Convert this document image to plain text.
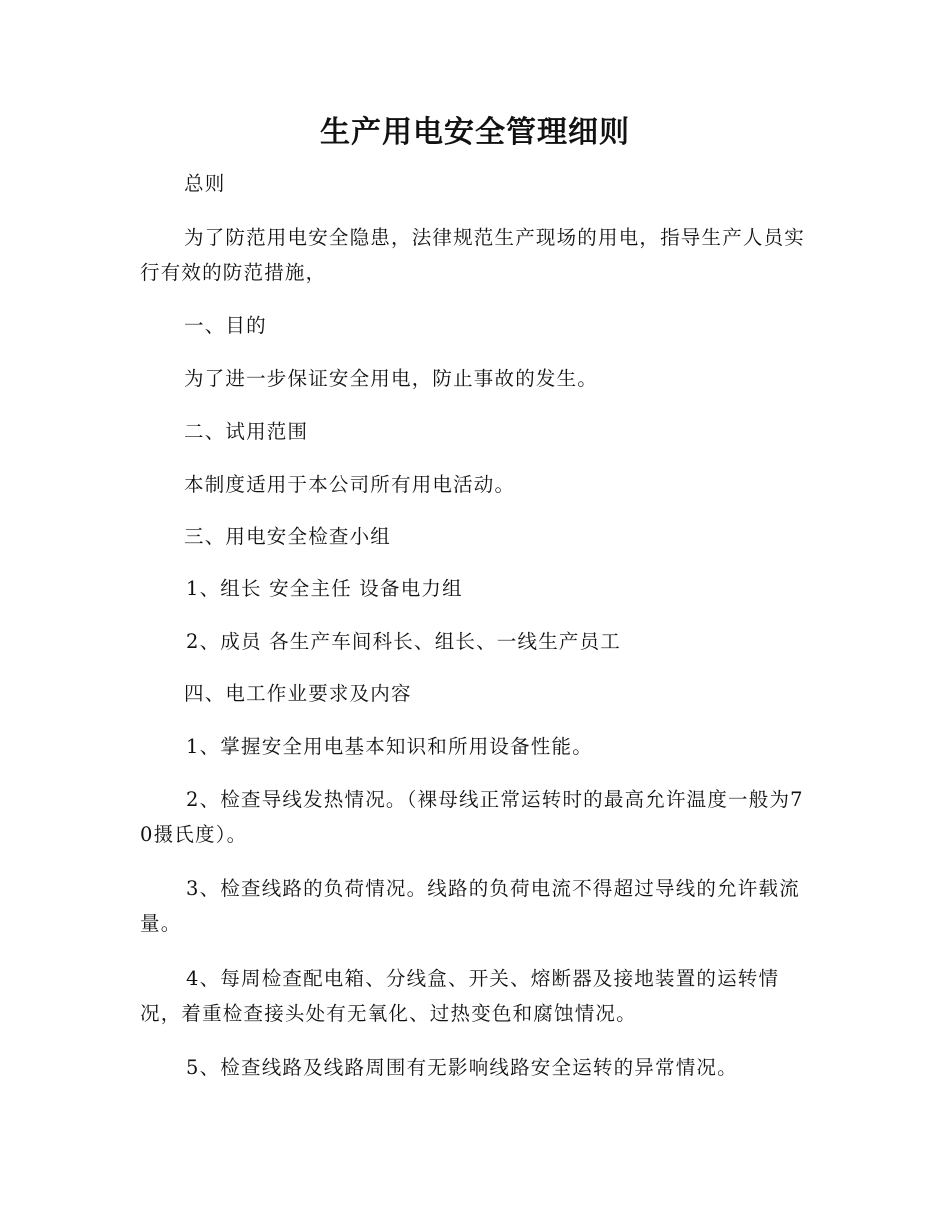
生产用电安全管理细则
总则
为了防范用电安全隐患，法律规范生产现场的用电，指导生产人员实行有效的防范措施，
一、目的
为了进一步保证安全用电，防止事故的发生。
二、试用范围
本制度适用于本公司所有用电活动。
三、用电安全检查小组
1、组长 安全主任 设备电力组
2、成员 各生产车间科长、组长、一线生产员工
四、电工作业要求及内容
1、掌握安全用电基本知识和所用设备性能。
2、检查导线发热情况。（裸母线正常运转时的最高允许温度一般为70摄氏度）。
3、检查线路的负荷情况。线路的负荷电流不得超过导线的允许载流量。
4、每周检查配电箱、分线盒、开关、熔断器及接地装置的运转情况，着重检查接头处有无氧化、过热变色和腐蚀情况。
5、检查线路及线路周围有无影响线路安全运转的异常情况。
